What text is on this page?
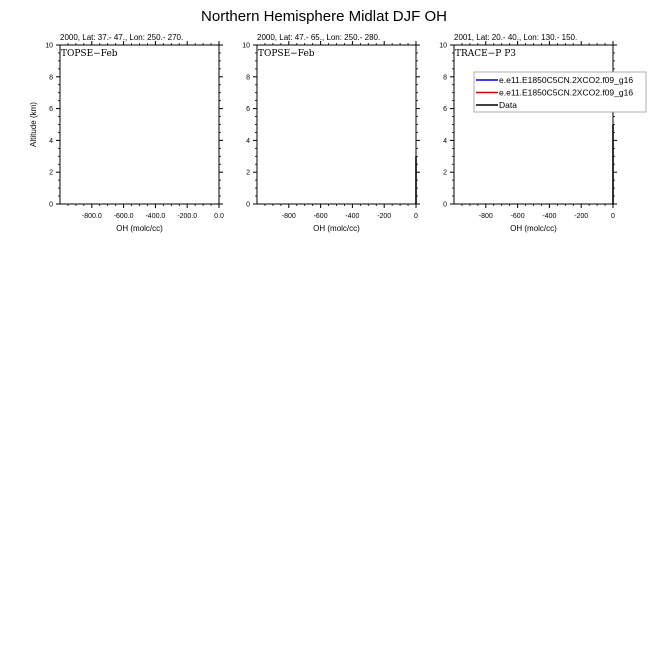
Northern Hemisphere Midlat DJF OH
2000, Lat: 37.- 47., Lon: 250.- 270.
-800.0 -600.0 -400.0 -200.0 0.0
0
2
4
6
8
10
OH (molc/cc)
Altitude (km)
TOPSE−Feb
2000, Lat: 47.- 65., Lon: 250.- 280.
-800	-600	-400	-200	0
0
2
4
6
8
10
OH (molc/cc)
TOPSE−Feb
2001, Lat: 20.- 40., Lon: 130.- 150.
-800	-600	-400	-200	0
0
2
4
6
8
10
OH (molc/cc)
TRACE−P P3
e.e11.E1850C5CN.2XCO2.f09_g16
e.e11.E1850C5CN.2XCO2.f09_g16
Data
